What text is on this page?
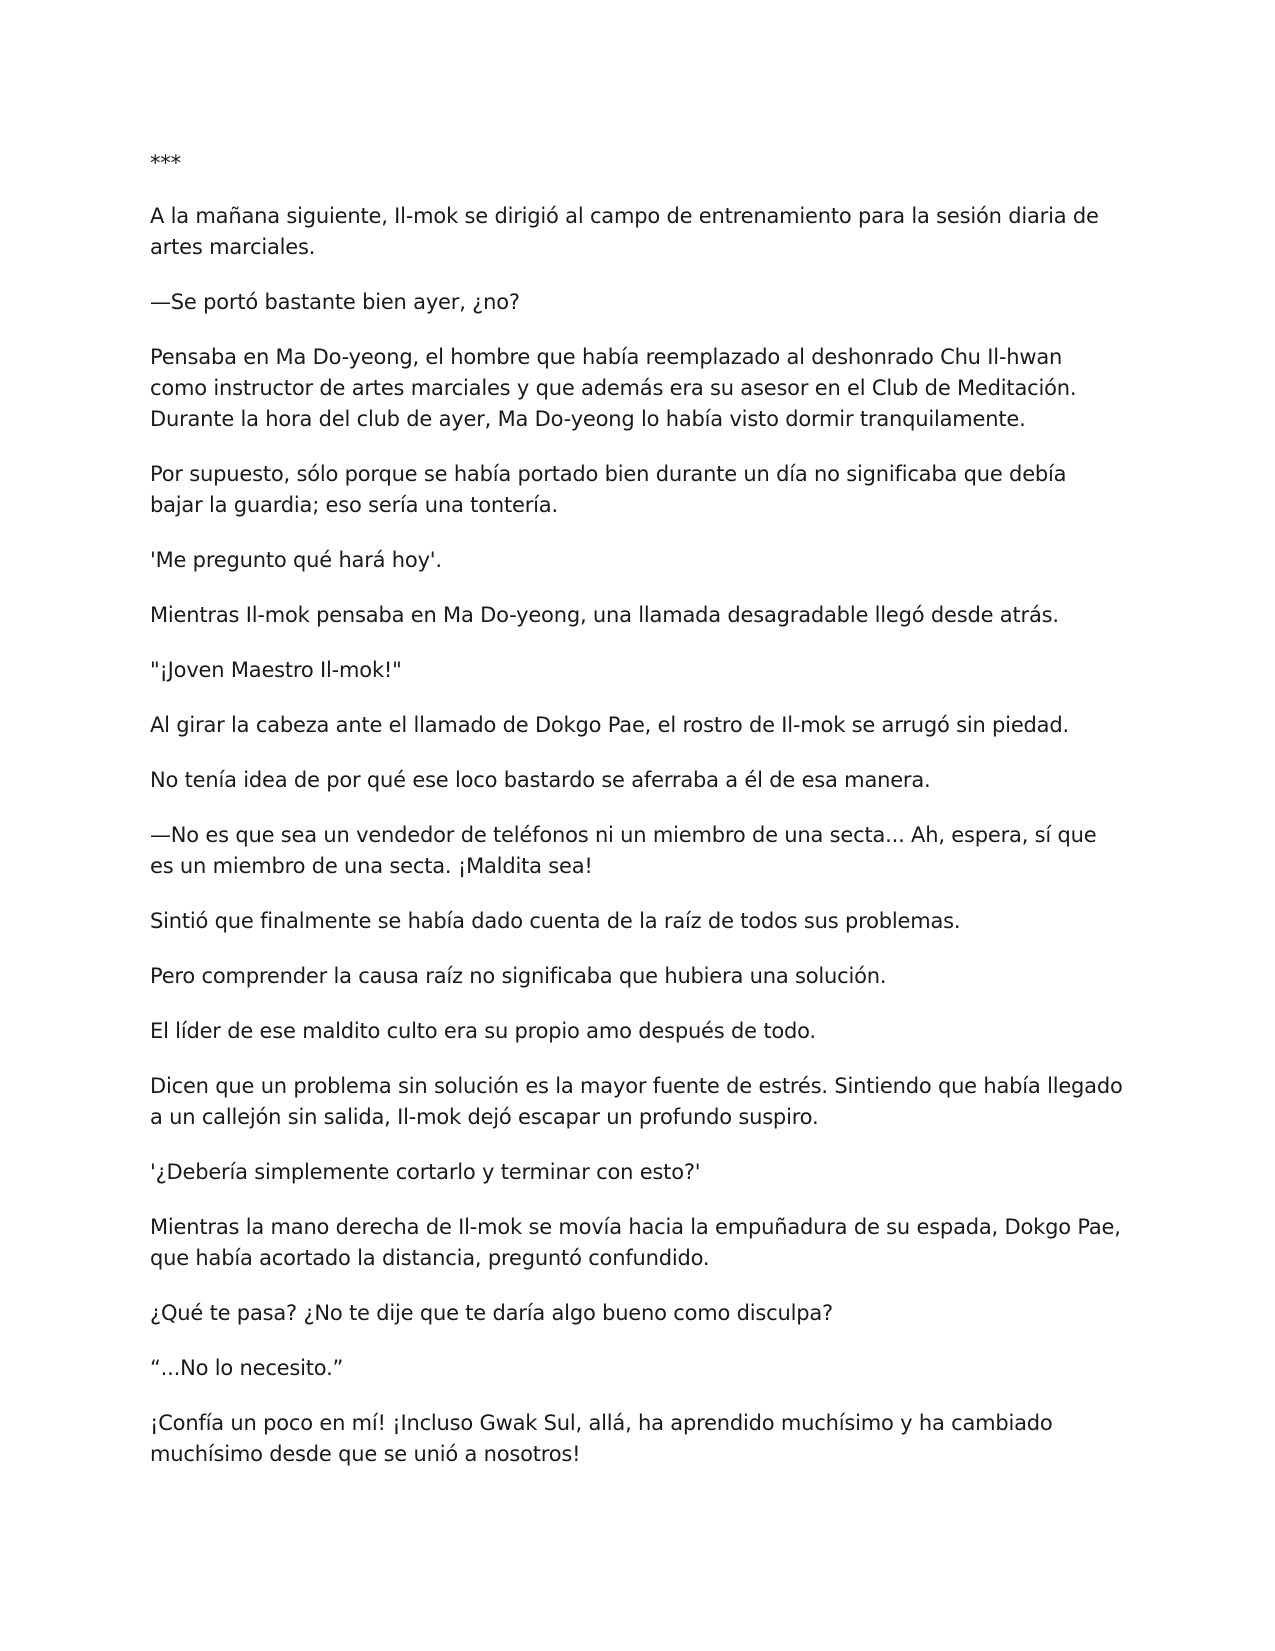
***

A la mañana siguiente, Il-mok se dirigió al campo de entrenamiento para la sesión diaria de artes marciales.

—Se portó bastante bien ayer, ¿no?

Pensaba en Ma Do-yeong, el hombre que había reemplazado al deshonrado Chu Il-hwan como instructor de artes marciales y que además era su asesor en el Club de Meditación. Durante la hora del club de ayer, Ma Do-yeong lo había visto dormir tranquilamente.

Por supuesto, sólo porque se había portado bien durante un día no significaba que debía bajar la guardia; eso sería una tontería.

'Me pregunto qué hará hoy'.

Mientras Il-mok pensaba en Ma Do-yeong, una llamada desagradable llegó desde atrás.

"¡Joven Maestro Il-mok!"

Al girar la cabeza ante el llamado de Dokgo Pae, el rostro de Il-mok se arrugó sin piedad.

No tenía idea de por qué ese loco bastardo se aferraba a él de esa manera.

—No es que sea un vendedor de teléfonos ni un miembro de una secta... Ah, espera, sí que es un miembro de una secta. ¡Maldita sea!

Sintió que finalmente se había dado cuenta de la raíz de todos sus problemas.

Pero comprender la causa raíz no significaba que hubiera una solución.

El líder de ese maldito culto era su propio amo después de todo.

Dicen que un problema sin solución es la mayor fuente de estrés. Sintiendo que había llegado a un callejón sin salida, Il-mok dejó escapar un profundo suspiro.

'¿Debería simplemente cortarlo y terminar con esto?'

Mientras la mano derecha de Il-mok se movía hacia la empuñadura de su espada, Dokgo Pae, que había acortado la distancia, preguntó confundido.

¿Qué te pasa? ¿No te dije que te daría algo bueno como disculpa?

“...No lo necesito.”

¡Confía un poco en mí! ¡Incluso Gwak Sul, allá, ha aprendido muchísimo y ha cambiado muchísimo desde que se unió a nosotros!
